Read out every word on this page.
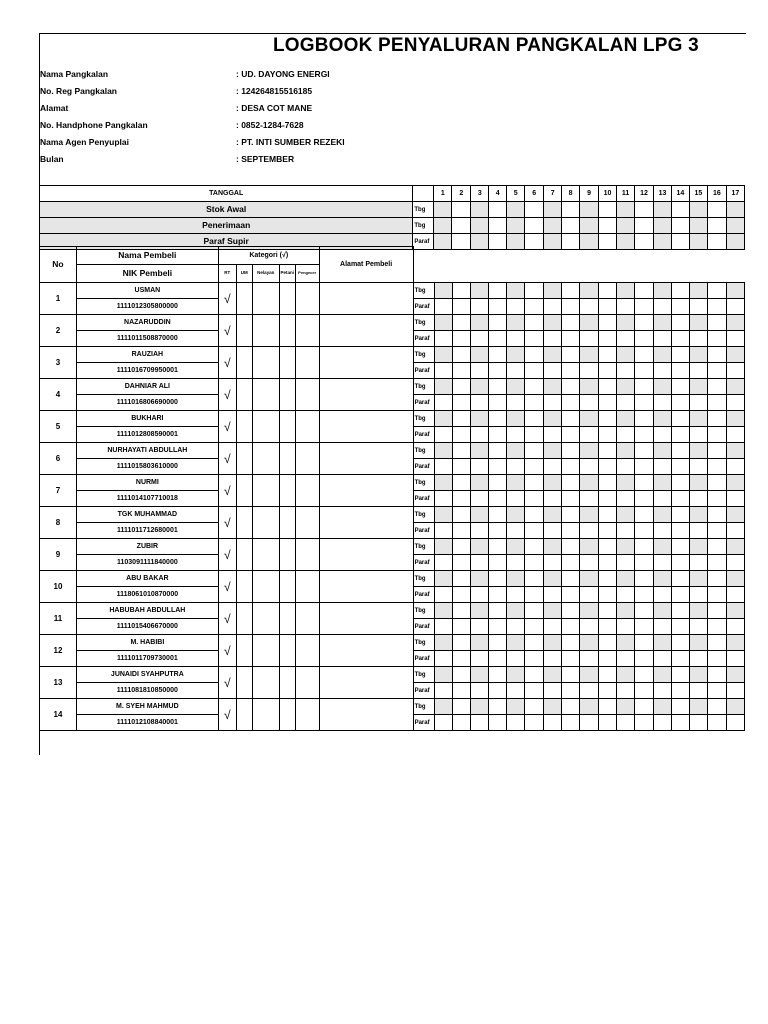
LOGBOOK PENYALURAN PANGKALAN LPG 3
Nama Pangkalan	: UD. DAYONG ENERGI
No. Reg Pangkalan	: 124264815516185
Alamat	: DESA COT MANE
No. Handphone Pangkalan	: 0852-1284-7628
Nama Agen Penyuplai	: PT. INTI SUMBER REZEKI
Bulan	: SEPTEMBER
TANGGAL		1	2	3	4	5	6	7	8	9	10	11	12	13	14	15	16	17
Stok Awal	Tbg																	
Penerimaan	Tbg																	
Paraf Supir	Paraf																	
No	Nama Pembeli	Kategori (√)					Alamat Pembeli																		
		RT	UM	Nelayan	Petani	Pengecer																			
	NIK Pembeli																								
1	USMAN	√						Tbg																	
	1111012305800000							Paraf																	
2	NAZARUDDIN	√						Tbg																	
	1111011508870000							Paraf																	
3	RAUZIAH	√						Tbg																	
	1111016709950001							Paraf																	
4	DAHNIAR ALI	√						Tbg																	
	1111016806690000							Paraf																	
5	BUKHARI	√						Tbg																	
	1111012808590001							Paraf																	
6	NURHAYATI ABDULLAH	√						Tbg																	
	1111015803610000							Paraf																	
7	NURMI	√						Tbg																	
	1111014107710018							Paraf																	
8	TGK MUHAMMAD	√						Tbg																	
	1111011712680001							Paraf																	
9	ZUBIR	√						Tbg																	
	1103091111840000							Paraf																	
10	ABU BAKAR	√						Tbg																	
	1118061010870000							Paraf																	
11	HABUBAH ABDULLAH	√						Tbg																	
	1111015406670000							Paraf																	
12	M. HABIBI	√						Tbg																	
	1111011709730001							Paraf																	
13	JUNAIDI SYAHPUTRA	√						Tbg																	
	1111081810850000							Paraf																	
14	M. SYEH MAHMUD	√						Tbg																	
	1111012108840001							Paraf																	
